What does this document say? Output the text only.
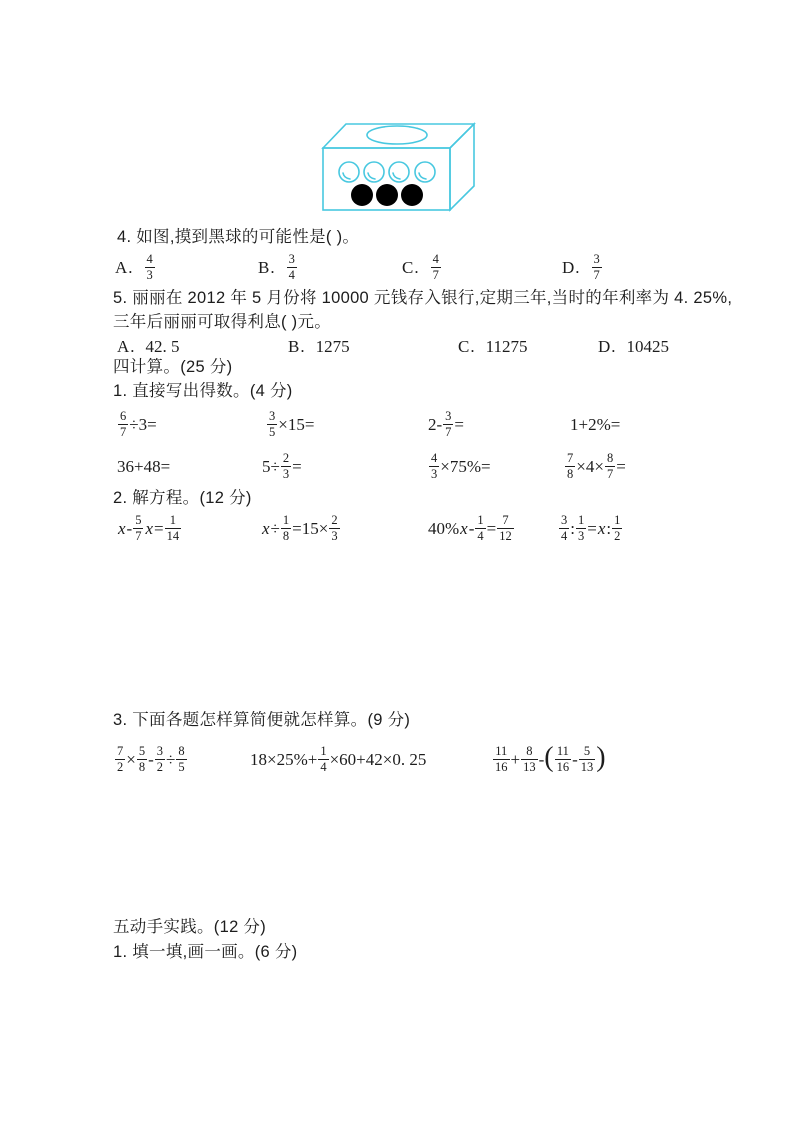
4. 如图,摸到黑球的可能性是( )。
A. $\frac{4}{3}$	B. $\frac{3}{4}$	C. $\frac{4}{7}$	D. $\frac{3}{7}$
5. 丽丽在 2012 年 5 月份将 10000 元钱存入银行,定期三年,当时的年利率为 4. 25%,
三年后丽丽可取得利息( )元。
A. 42. 5	B. 1275	C. 11275	D. 10425
四计算。(25 分)
1. 直接写出得数。(4 分)
$\frac{6}{7} \div 3=$	$\frac{3}{5} \times 15=$	$2- \frac{3}{7}$ =	1+2%=
36+48=	$5\div \frac{2}{3}$ =	$\frac{4}{3} \times 75\%=$	$\frac{7}{8} \times 4\times \frac{8}{7}$ =
2. 解方程。(12 分)
x - $\frac{5}{7}$ $x = \frac{1}{14}$	$x \div \frac{1}{8} =15\times \frac{2}{3}$	40% $x - \frac{1}{4} = \frac{7}{12}$	$\frac{3}{4}$ : $\frac{1}{3} = x$ : $\frac{1}{2}$
3. 下面各题怎样算简便就怎样算。(9 分)
$\frac{7}{2} \times \frac{5}{8} - \frac{3}{2} \div \frac{8}{5}$	$18\times 25\%+ \frac{1}{4} \times 60+42\times 0$. 25	$\frac{11}{16} + \frac{8}{13}$ - ( $\frac{11}{16} - \frac{5}{13}$ )
五动手实践。(12 分)
1. 填一填,画一画。(6 分)
